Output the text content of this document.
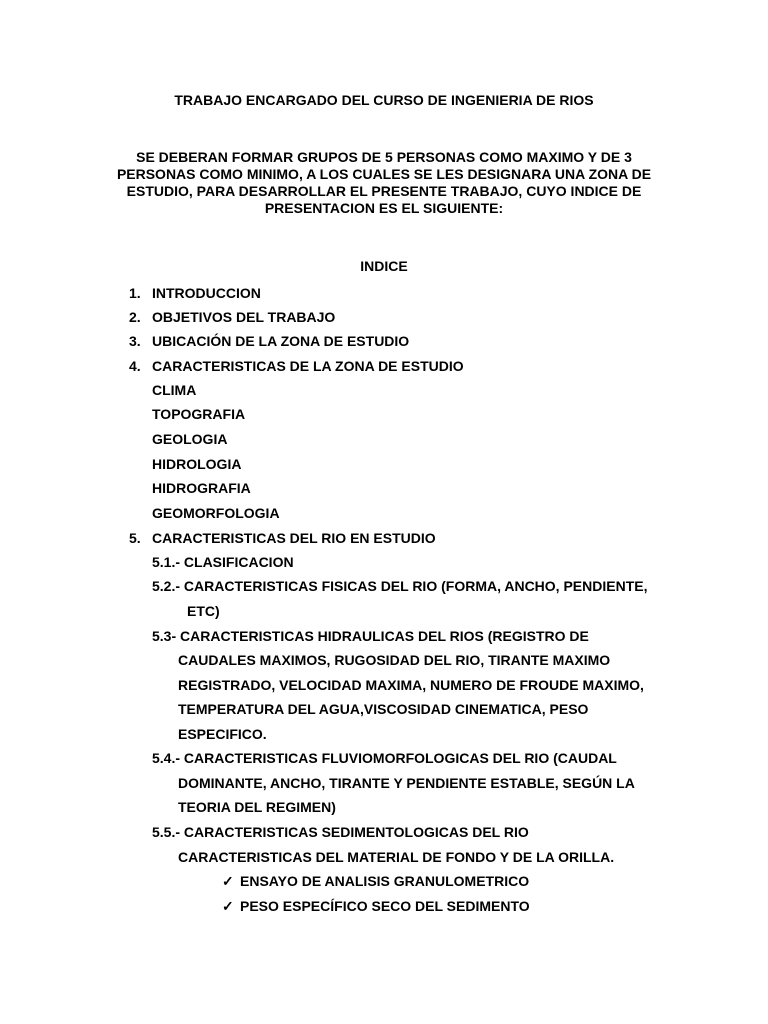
TRABAJO ENCARGADO DEL CURSO DE INGENIERIA DE RIOS
SE DEBERAN FORMAR GRUPOS DE 5 PERSONAS COMO MAXIMO Y DE 3
PERSONAS COMO MINIMO, A LOS CUALES SE LES DESIGNARA UNA ZONA DE
ESTUDIO, PARA DESARROLLAR EL PRESENTE TRABAJO, CUYO INDICE DE
PRESENTACION ES EL SIGUIENTE:
INDICE
1. INTRODUCCION
2. OBJETIVOS DEL TRABAJO
3. UBICACIÓN DE LA ZONA DE ESTUDIO
4. CARACTERISTICAS DE LA ZONA DE ESTUDIO
CLIMA
TOPOGRAFIA
GEOLOGIA
HIDROLOGIA
HIDROGRAFIA
GEOMORFOLOGIA
5. CARACTERISTICAS DEL RIO EN ESTUDIO
5.1.- CLASIFICACION
5.2.- CARACTERISTICAS FISICAS DEL RIO (FORMA, ANCHO, PENDIENTE,
ETC)
5.3- CARACTERISTICAS HIDRAULICAS DEL RIOS (REGISTRO DE
CAUDALES MAXIMOS, RUGOSIDAD DEL RIO, TIRANTE MAXIMO
REGISTRADO, VELOCIDAD MAXIMA, NUMERO DE FROUDE MAXIMO,
TEMPERATURA DEL AGUA,VISCOSIDAD CINEMATICA, PESO
ESPECIFICO.
5.4.- CARACTERISTICAS FLUVIOMORFOLOGICAS DEL RIO (CAUDAL
DOMINANTE, ANCHO, TIRANTE Y PENDIENTE ESTABLE, SEGÚN LA
TEORIA DEL REGIMEN)
5.5.- CARACTERISTICAS SEDIMENTOLOGICAS DEL RIO
CARACTERISTICAS DEL MATERIAL DE FONDO Y DE LA ORILLA.
✓ ENSAYO DE ANALISIS GRANULOMETRICO
✓ PESO ESPECÍFICO SECO DEL SEDIMENTO
